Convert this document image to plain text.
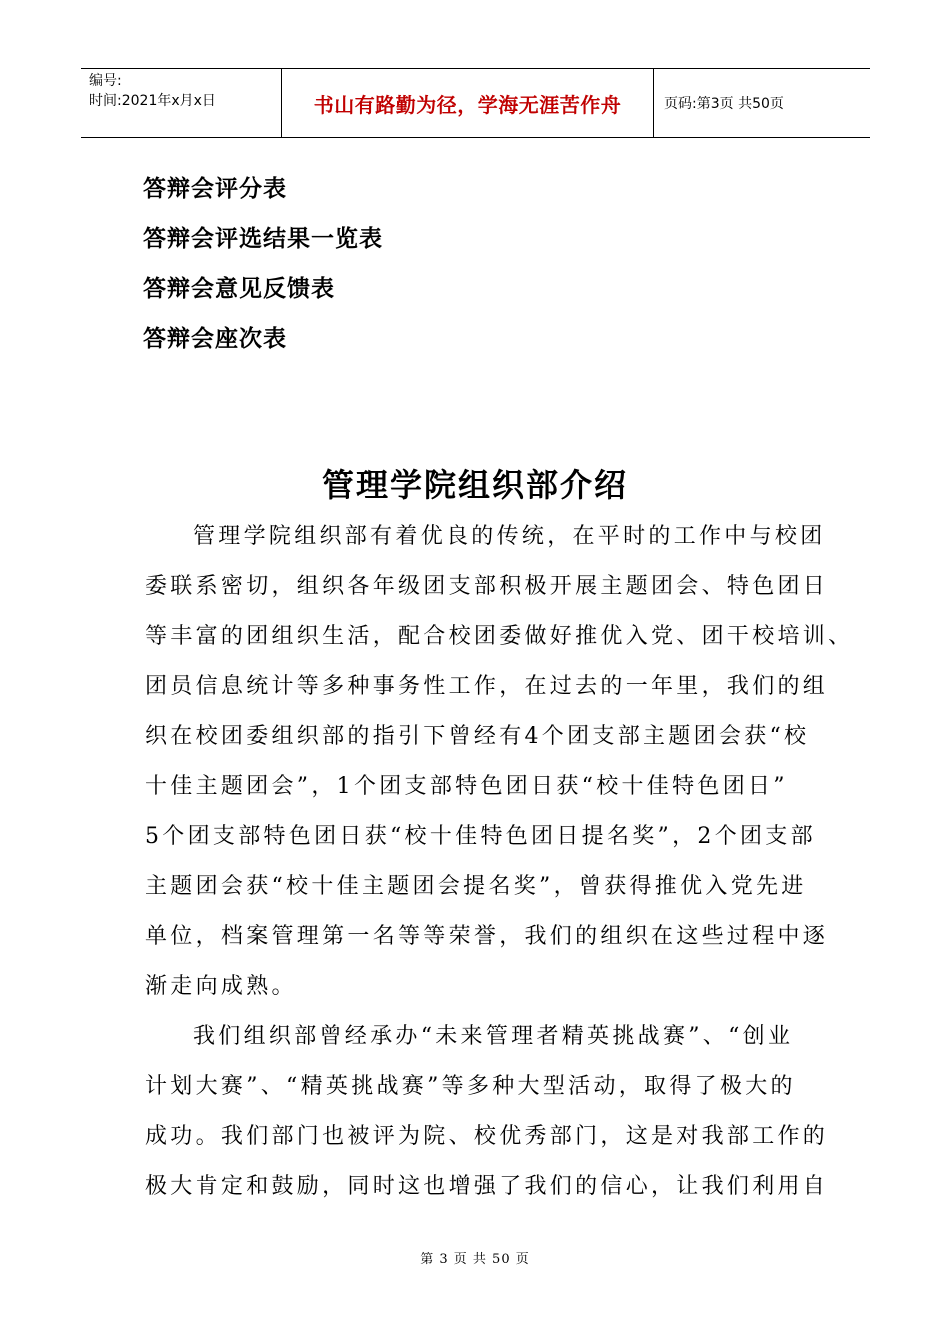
编号:
时间:2021年x月x日	书山有路勤为径，学海无涯苦作舟	页码:第3页 共50页
答辩会评分表
答辩会评选结果一览表
答辩会意见反馈表
答辩会座次表
管理学院组织部介绍
管理学院组织部有着优良的传统，在平时的工作中与校团
委联系密切，组织各年级团支部积极开展主题团会、特色团日
等丰富的团组织生活，配合校团委做好推优入党、团干校培训、
团员信息统计等多种事务性工作，在过去的一年里，我们的组
织在校团委组织部的指引下曾经有4个团支部主题团会获“校
十佳主题团会”，1个团支部特色团日获“校十佳特色团日”
5个团支部特色团日获“校十佳特色团日提名奖”，2个团支部
主题团会获“校十佳主题团会提名奖”，曾获得推优入党先进
单位，档案管理第一名等等荣誉，我们的组织在这些过程中逐
渐走向成熟。
我们组织部曾经承办“未来管理者精英挑战赛”、“创业
计划大赛”、“精英挑战赛”等多种大型活动，取得了极大的
成功。我们部门也被评为院、校优秀部门，这是对我部工作的
极大肯定和鼓励，同时这也增强了我们的信心，让我们利用自
第 3 页 共 50 页
